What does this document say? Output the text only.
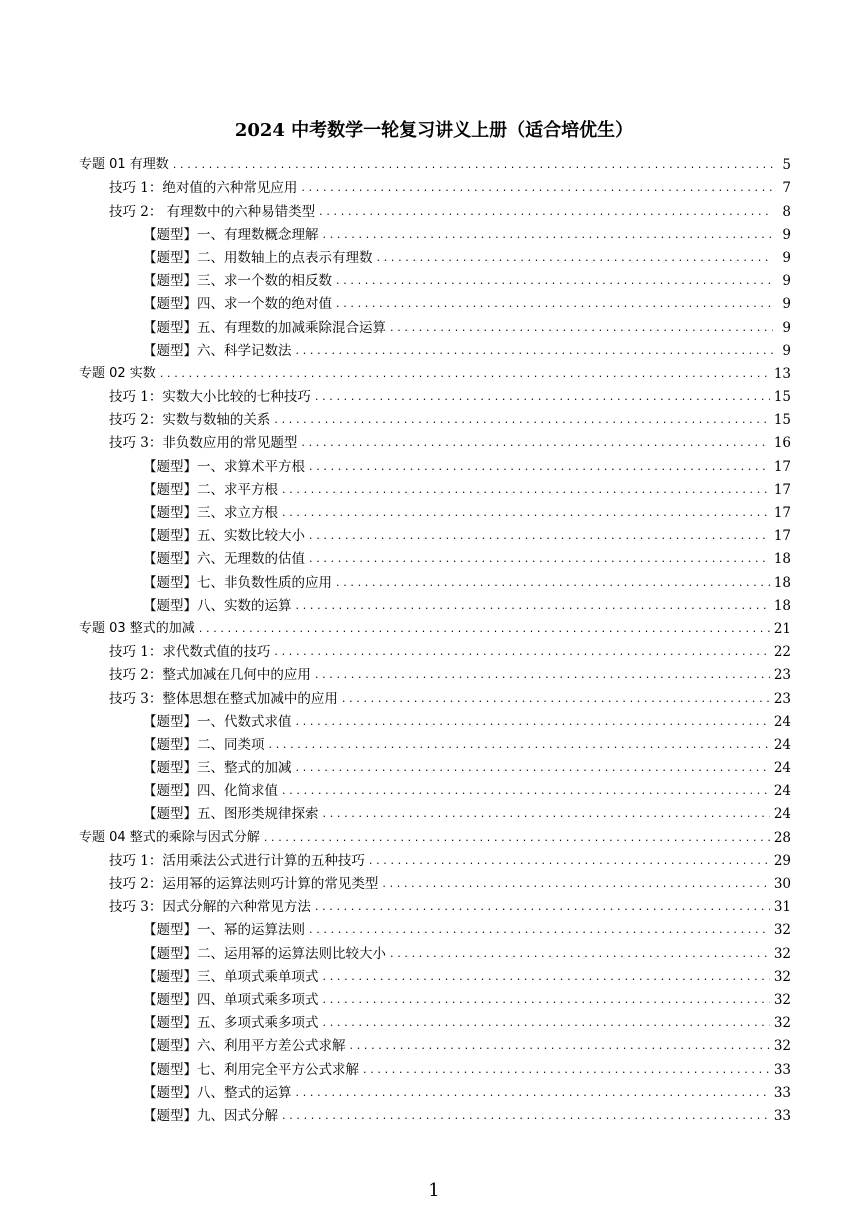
2024 中考数学一轮复习讲义上册（适合培优生）
专题 01 有理数 . . .	5
技巧 1：绝对值的六种常见应用 . . .	7
技巧 2： 有理数中的六种易错类型 . . .	8
【题型】一、有理数概念理解 . . .	9
【题型】二、用数轴上的点表示有理数 . . .	9
【题型】三、求一个数的相反数 . . .	9
【题型】四、求一个数的绝对值 . . .	9
【题型】五、有理数的加减乘除混合运算 . . .	9
【题型】六、科学记数法 . . .	9
专题 02 实数 . . .	13
技巧 1：实数大小比较的七种技巧 . . .	15
技巧 2：实数与数轴的关系 . . .	15
技巧 3：非负数应用的常见题型 . . .	16
【题型】一、求算术平方根 . . .	17
【题型】二、求平方根 . . .	17
【题型】三、求立方根 . . .	17
【题型】五、实数比较大小 . . .	17
【题型】六、无理数的估值 . . .	18
【题型】七、非负数性质的应用 . . .	18
【题型】八、实数的运算 . . .	18
专题 03 整式的加减 . . .	21
技巧 1：求代数式值的技巧 . . .	22
技巧 2：整式加减在几何中的应用 . . .	23
技巧 3：整体思想在整式加减中的应用 . . .	23
【题型】一、代数式求值 . . .	24
【题型】二、同类项 . . .	24
【题型】三、整式的加减 . . .	24
【题型】四、化简求值 . . .	24
【题型】五、图形类规律探索 . . .	24
专题 04 整式的乘除与因式分解 . . .	28
技巧 1：活用乘法公式进行计算的五种技巧 . . .	29
技巧 2：运用幂的运算法则巧计算的常见类型 . . .	30
技巧 3：因式分解的六种常见方法 . . .	31
【题型】一、幂的运算法则 . . .	32
【题型】二、运用幂的运算法则比较大小 . . .	32
【题型】三、单项式乘单项式 . . .	32
【题型】四、单项式乘多项式 . . .	32
【题型】五、多项式乘多项式 . . .	32
【题型】六、利用平方差公式求解 . . .	32
【题型】七、利用完全平方公式求解 . . .	33
【题型】八、整式的运算 . . .	33
【题型】九、因式分解 . . .	33
1
